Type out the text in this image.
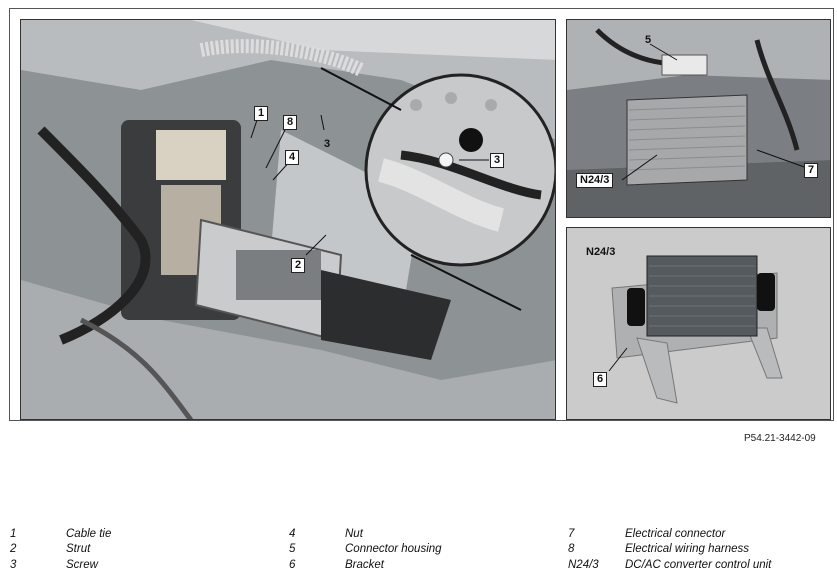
1
8
4
3
3
2
5
N24/3
7
N24/3
6
P54.21-3442-09
1	Cable tie
2	Strut
3	Screw
4	Nut
5	Connector housing
6	Bracket
7	Electrical connector
8	Electrical wiring harness
N24/3 DC/AC converter control unit
